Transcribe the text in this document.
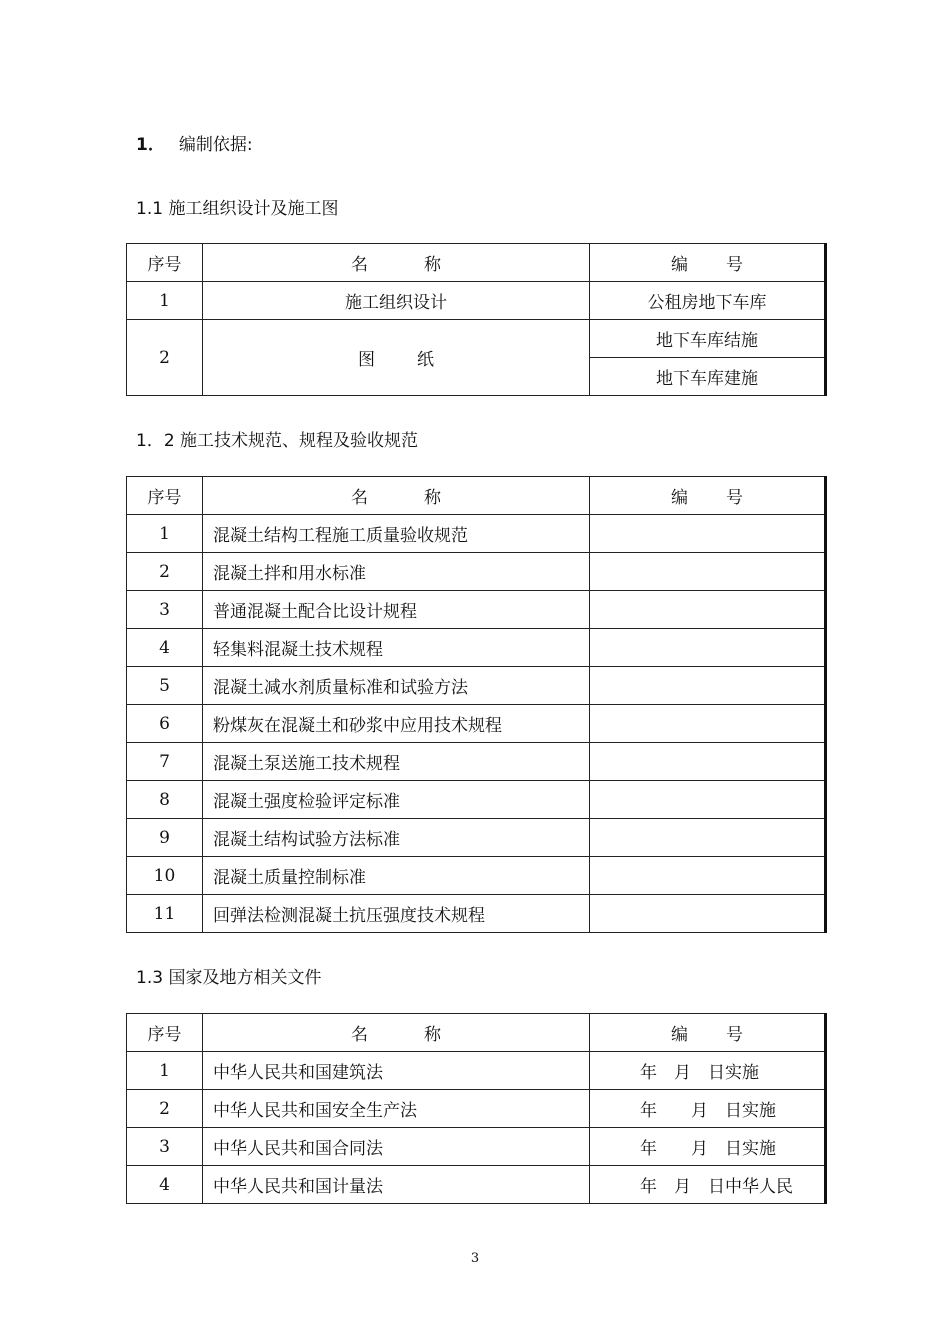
1． 编制依据:
1.1 施工组织设计及施工图
序号	名 称	编 号
1	施工组织设计	公租房地下车库
2	图 纸	地下车库结施
		地下车库建施
1．2 施工技术规范、规程及验收规范
序号	名 称	编 号
1	混凝土结构工程施工质量验收规范	
2	混凝土拌和用水标准	
3	普通混凝土配合比设计规程	
4	轻集料混凝土技术规程	
5	混凝土减水剂质量标准和试验方法	
6	粉煤灰在混凝土和砂浆中应用技术规程	
7	混凝土泵送施工技术规程	
8	混凝土强度检验评定标准	
9	混凝土结构试验方法标准	
10	混凝土质量控制标准	
11	回弹法检测混凝土抗压强度技术规程	
1.3 国家及地方相关文件
序号	名 称	编 号
1	中华人民共和国建筑法	年　月　日实施
2	中华人民共和国安全生产法	年　　月　日实施
3	中华人民共和国合同法	年　　月　日实施
4	中华人民共和国计量法	年　月　日中华人民
3
